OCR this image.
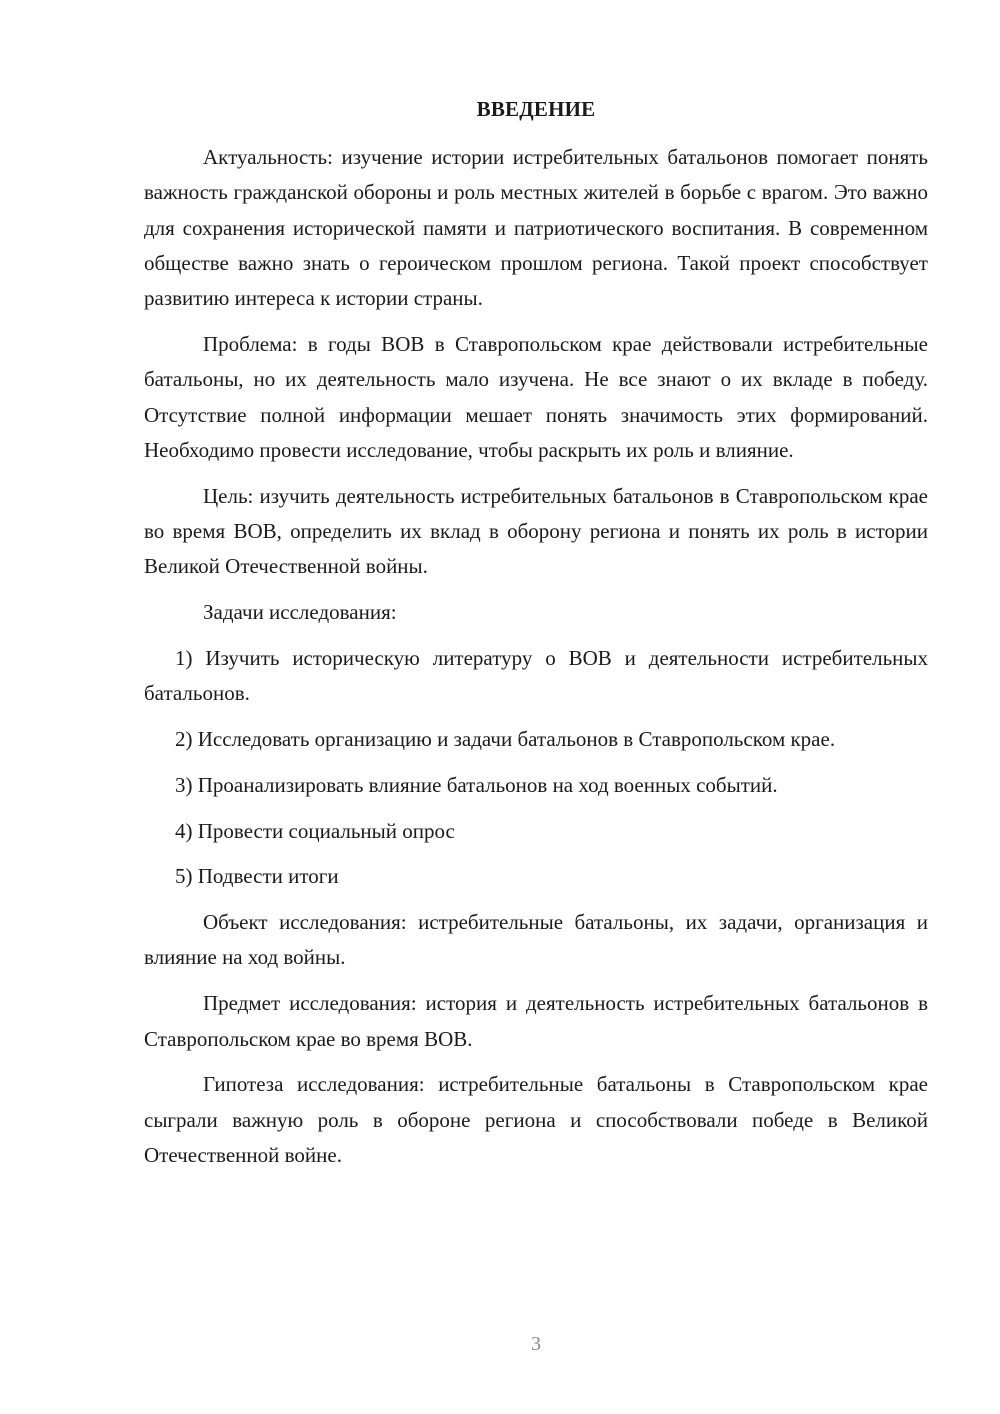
ВВЕДЕНИЕ

Актуальность: изучение истории истребительных батальонов помогает понять важность гражданской обороны и роль местных жителей в борьбе с врагом. Это важно для сохранения исторической памяти и патриотического воспитания. В современном обществе важно знать о героическом прошлом региона. Такой проект способствует развитию интереса к истории страны.

Проблема: в годы ВОВ в Ставропольском крае действовали истребительные батальоны, но их деятельность мало изучена. Не все знают о их вкладе в победу. Отсутствие полной информации мешает понять значимость этих формирований. Необходимо провести исследование, чтобы раскрыть их роль и влияние.

Цель: изучить деятельность истребительных батальонов в Ставропольском крае во время ВОВ, определить их вклад в оборону региона и понять их роль в истории Великой Отечественной войны.

Задачи исследования:

1) Изучить историческую литературу о ВОВ и деятельности истребительных батальонов.

2) Исследовать организацию и задачи батальонов в Ставропольском крае.

3) Проанализировать влияние батальонов на ход военных событий.

4) Провести социальный опрос

5) Подвести итоги

Объект исследования: истребительные батальоны, их задачи, организация и влияние на ход войны.

Предмет исследования: история и деятельность истребительных батальонов в Ставропольском крае во время ВОВ.

Гипотеза исследования: истребительные батальоны в Ставропольском крае сыграли важную роль в обороне региона и способствовали победе в Великой Отечественной войне.

3
